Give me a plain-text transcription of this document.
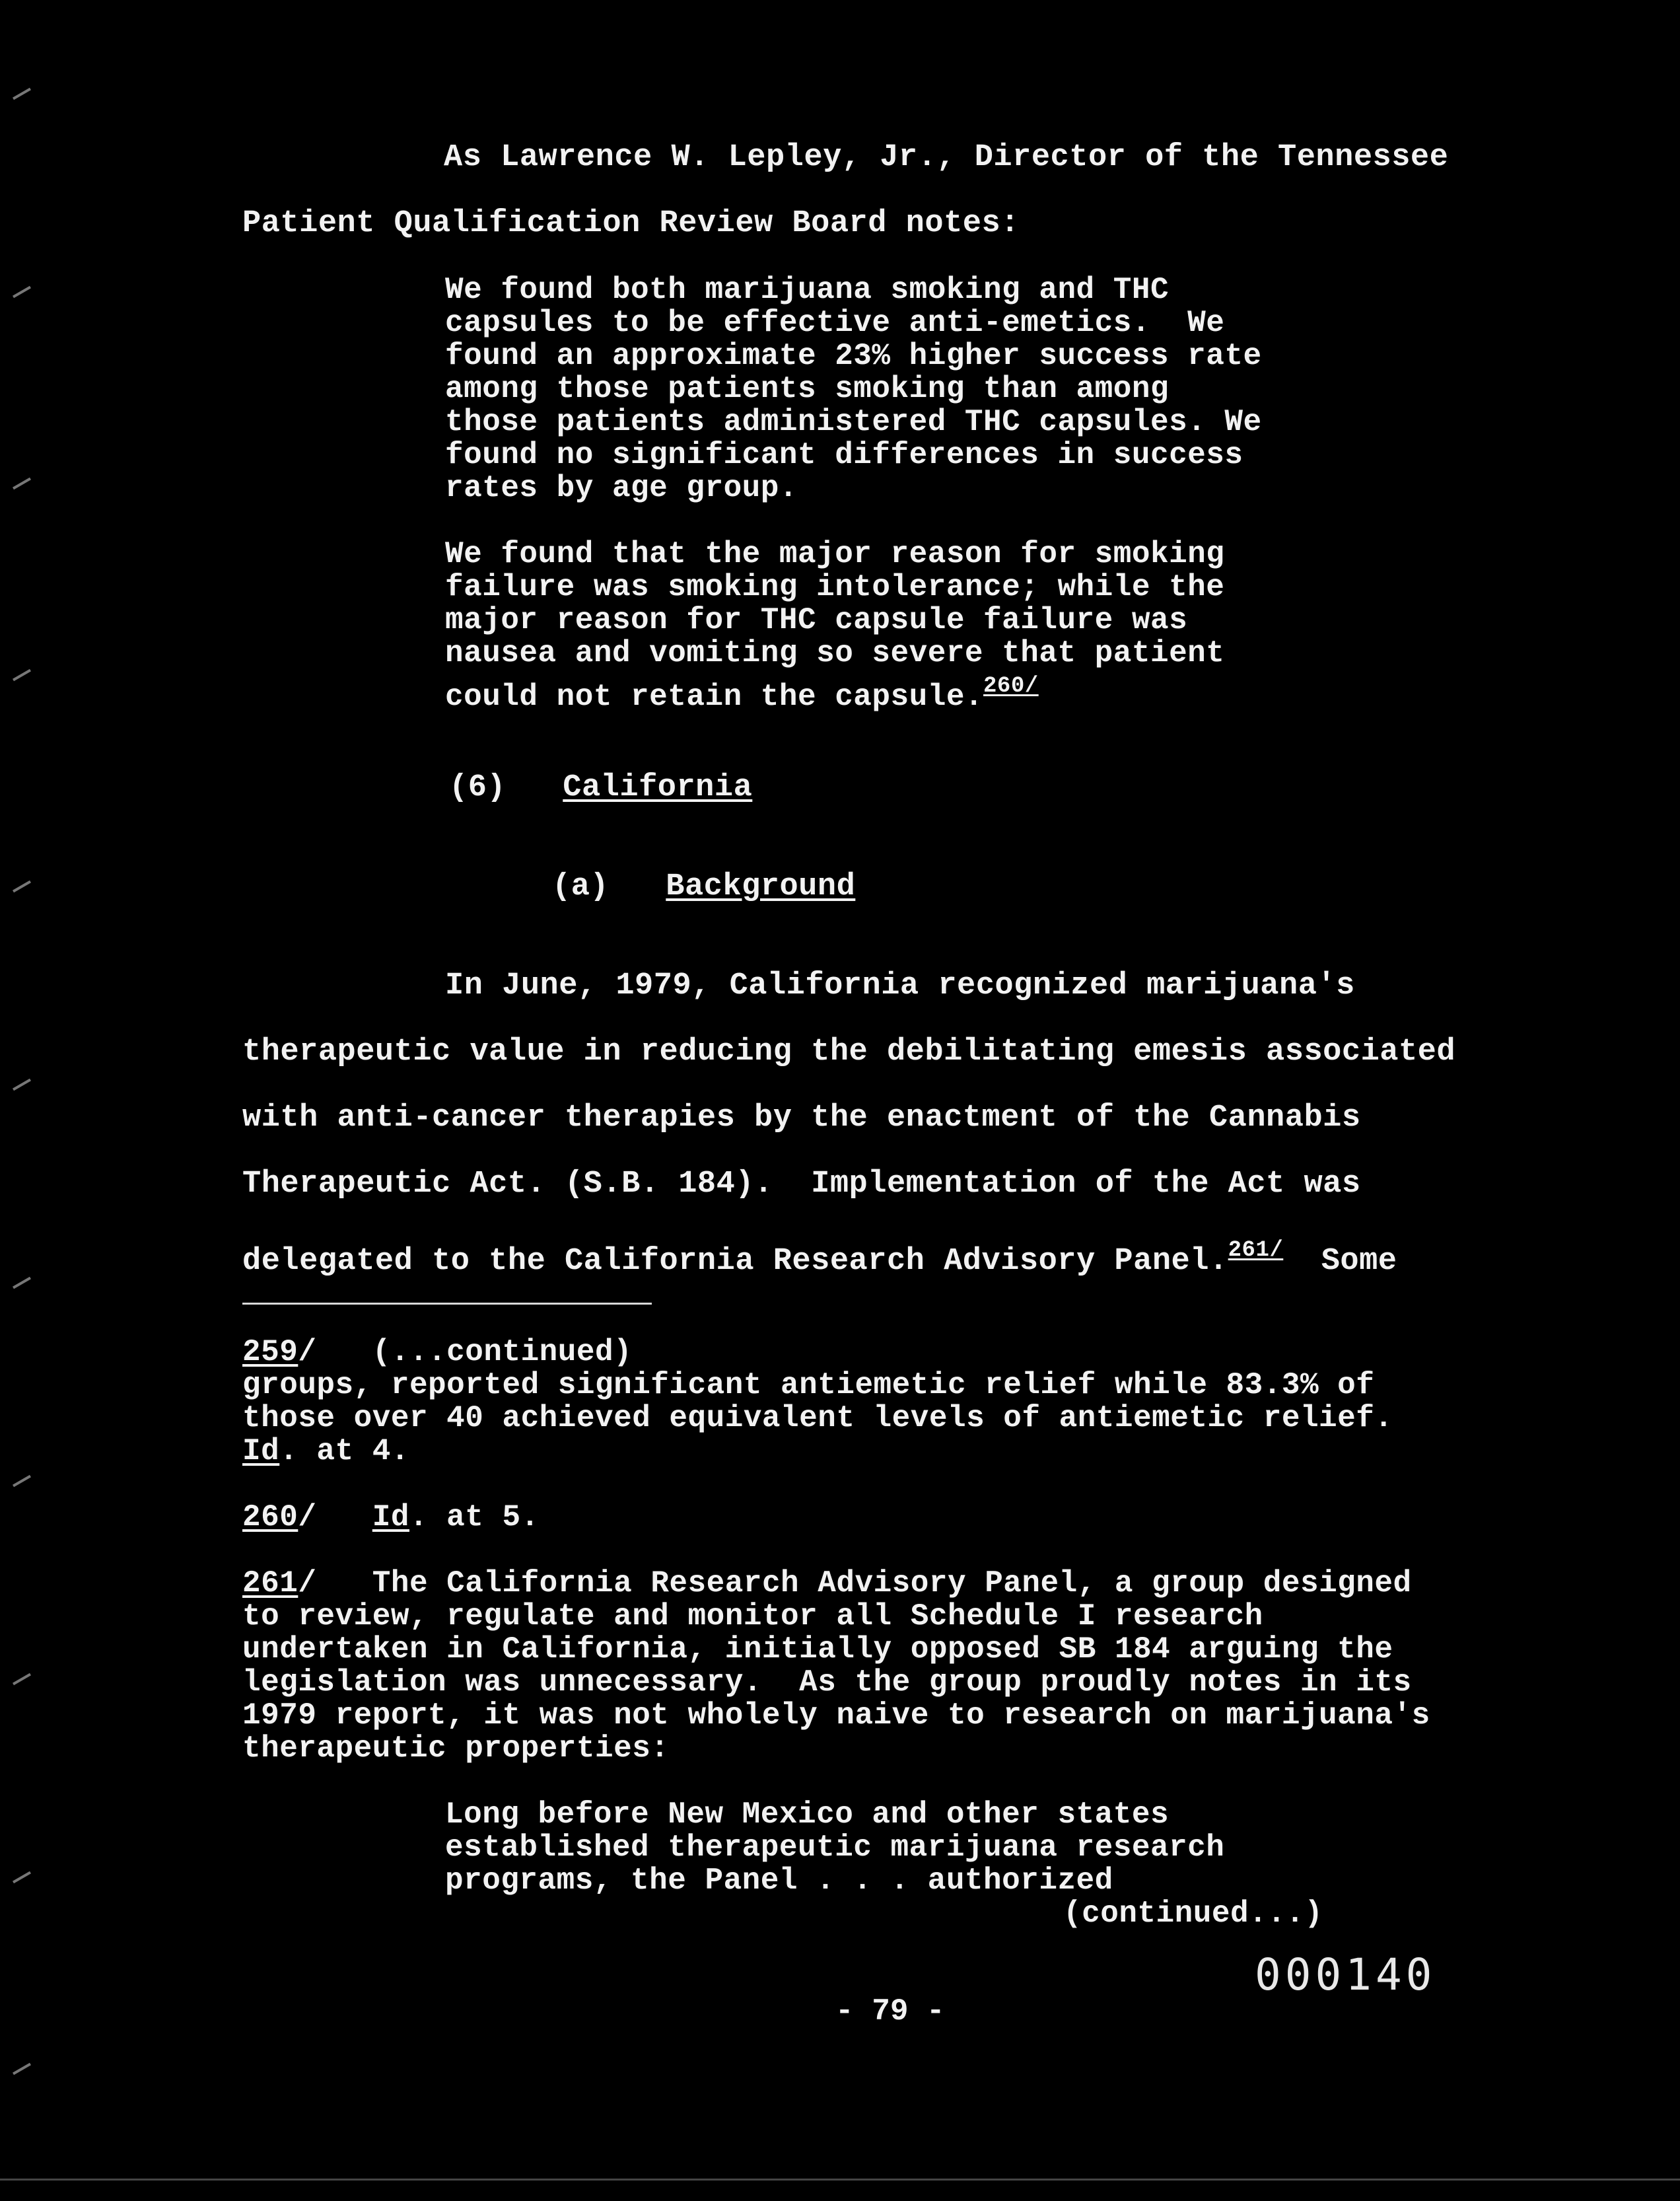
As Lawrence W. Lepley, Jr., Director of the Tennessee
Patient Qualification Review Board notes:
We found both marijuana smoking and THC
capsules to be effective anti-emetics.  We
found an approximate 23% higher success rate
among those patients smoking than among
those patients administered THC capsules. We
found no significant differences in success
rates by age group.
We found that the major reason for smoking
failure was smoking intolerance; while the
major reason for THC capsule failure was
nausea and vomiting so severe that patient
could not retain the capsule.$^{260/}$
(6) California
(a) Background
In June, 1979, California recognized marijuana's
therapeutic value in reducing the debilitating emesis associated
with anti-cancer therapies by the enactment of the Cannabis
Therapeutic Act. (S.B. 184).  Implementation of the Act was
delegated to the California Research Advisory Panel.$^{261/}$ Some
259/   (...continued)
groups, reported significant antiemetic relief while 83.3% of
those over 40 achieved equivalent levels of antiemetic relief.
Id. at 4.
260/   Id. at 5.
261/   The California Research Advisory Panel, a group designed
to review, regulate and monitor all Schedule I research
undertaken in California, initially opposed SB 184 arguing the
legislation was unnecessary.  As the group proudly notes in its
1979 report, it was not wholely naive to research on marijuana's
therapeutic properties:
Long before New Mexico and other states
established therapeutic marijuana research
programs, the Panel . . . authorized
(continued...)
000140
- 79 -
